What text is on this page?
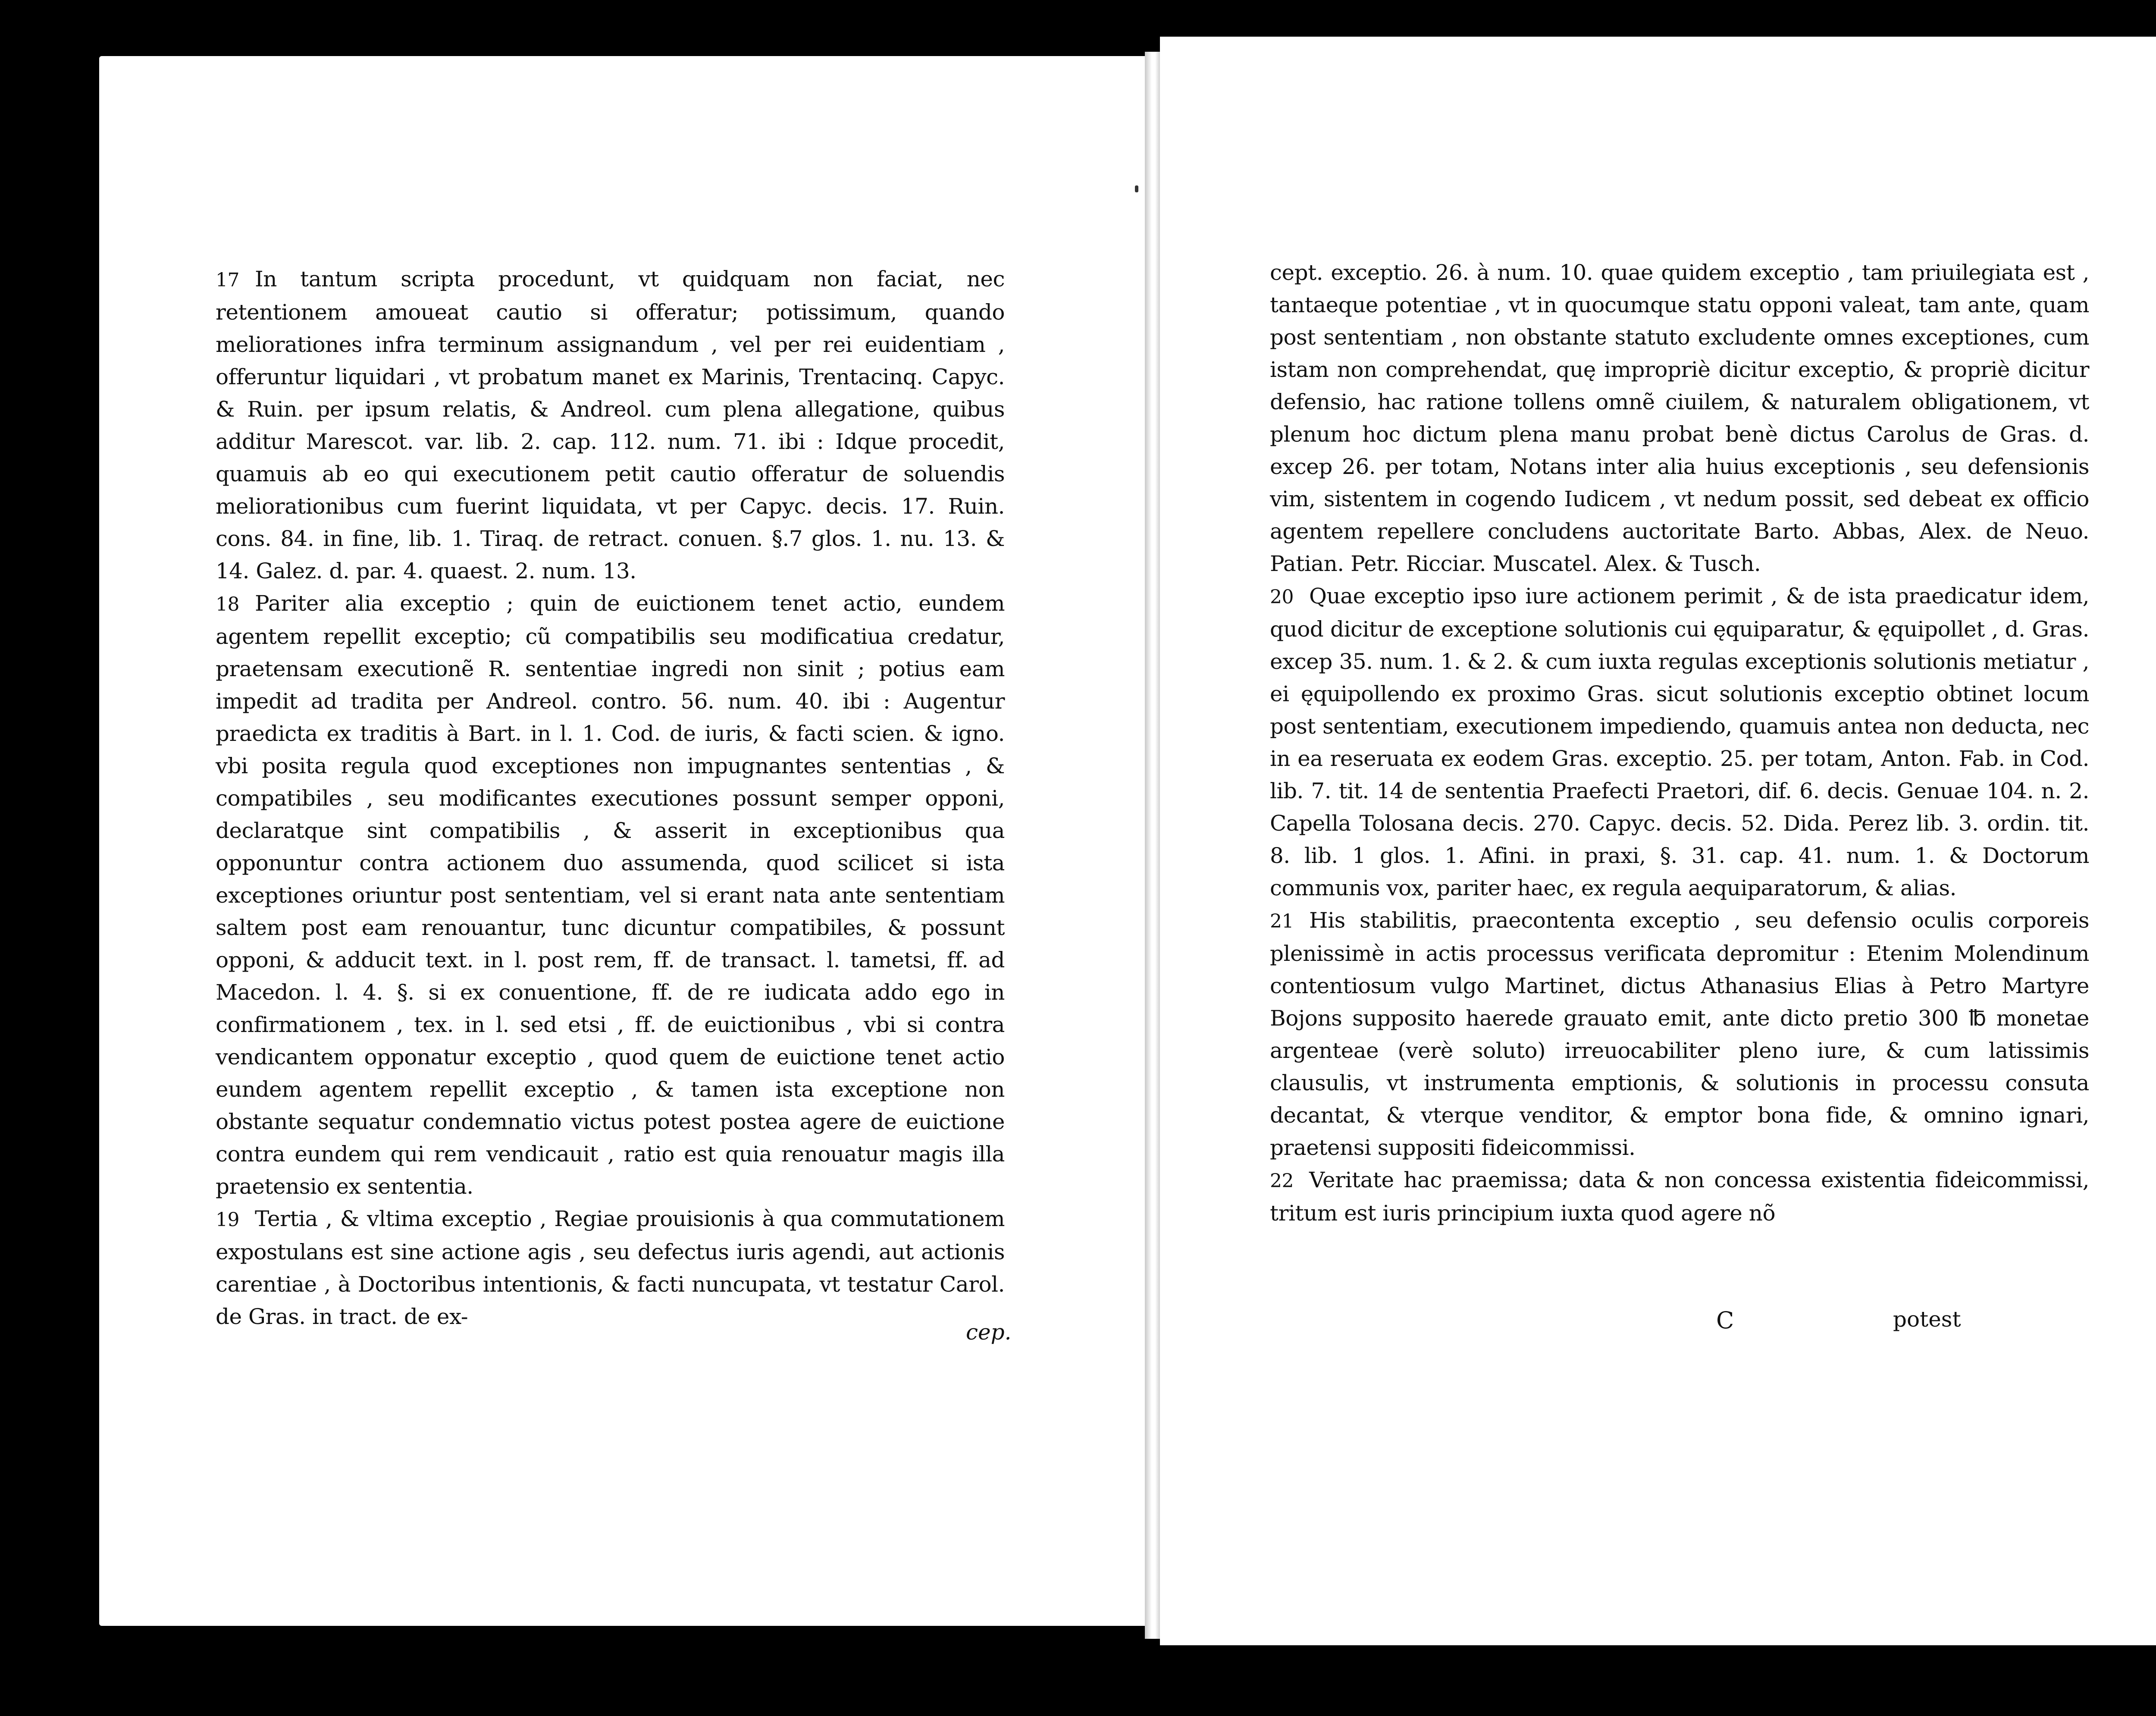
17 In tantum scripta procedunt, vt quidquam non faciat, nec retentionem amoueat cautio si offeratur; potissimum, quando meliorationes infra terminum assignandum , vel per rei euidentiam , offeruntur liquidari , vt probatum manet ex Marinis, Trentacinq. Capyc. & Ruin. per ipsum relatis, & Andreol. cum plena allegatione, quibus additur Marescot. var. lib. 2. cap. 112. num. 71. ibi : Idque procedit, quamuis ab eo qui executionem petit cautio offeratur de soluendis meliorationibus cum fuerint liquidata, vt per Capyc. decis. 17. Ruin. cons. 84. in fine, lib. 1. Tiraq. de retract. conuen. §.7 glos. 1. nu. 13. & 14. Galez. d. par. 4. quaest. 2. num. 13.

18 Pariter alia exceptio ; quin de euictionem tenet actio, eundem agentem repellit exceptio; cũ compatibilis seu modificatiua credatur, praetensam executionẽ R. sententiae ingredi non sinit ; potius eam impedit ad tradita per Andreol. contro. 56. num. 40. ibi : Augentur praedicta ex traditis à Bart. in l. 1. Cod. de iuris, & facti scien. & igno. vbi posita regula quod exceptiones non impugnantes sententias , & compatibiles , seu modificantes executiones possunt semper opponi, declaratque sint compatibilis , & asserit in exceptionibus qua opponuntur contra actionem duo assumenda, quod scilicet si ista exceptiones oriuntur post sententiam, vel si erant nata ante sententiam saltem post eam renouantur, tunc dicuntur compatibiles, & possunt opponi, & adducit text. in l. post rem, ff. de transact. l. tametsi, ff. ad Macedon. l. 4. §. si ex conuentione, ff. de re iudicata addo ego in confirmationem , tex. in l. sed etsi , ff. de euictionibus , vbi si contra vendicantem opponatur exceptio , quod quem de euictione tenet actio eundem agentem repellit exceptio , & tamen ista exceptione non obstante sequatur condemnatio victus potest postea agere de euictione contra eundem qui rem vendicauit , ratio est quia renouatur magis illa praetensio ex sententia.

19 Tertia , & vltima exceptio , Regiae prouisionis à qua commutationem expostulans est sine actione agis , seu defectus iuris agendi, aut actionis carentiae , à Doctoribus intentionis, & facti nuncupata, vt testatur Carol. de Gras. in tract. de ex-

cep.

cept. exceptio. 26. à num. 10. quae quidem exceptio , tam priuilegiata est , tantaeque potentiae , vt in quocumque statu opponi valeat, tam ante, quam post sententiam , non obstante statuto excludente omnes exceptiones, cum istam non comprehendat, quę impropriè dicitur exceptio, & propriè dicitur defensio, hac ratione tollens omnẽ ciuilem, & naturalem obligationem, vt plenum hoc dictum plena manu probat benè dictus Carolus de Gras. d. excep 26. per totam, Notans inter alia huius exceptionis , seu defensionis vim, sistentem in cogendo Iudicem , vt nedum possit, sed debeat ex officio agentem repellere concludens auctoritate Barto. Abbas, Alex. de Neuo. Patian. Petr. Ricciar. Muscatel. Alex. & Tusch.

20 Quae exceptio ipso iure actionem perimit , & de ista praedicatur idem, quod dicitur de exceptione solutionis cui ęquiparatur, & ęquipollet , d. Gras. excep 35. num. 1. & 2. & cum iuxta regulas exceptionis solutionis metiatur , ei ęquipollendo ex proximo Gras. sicut solutionis exceptio obtinet locum post sententiam, executionem impediendo, quamuis antea non deducta, nec in ea reseruata ex eodem Gras. exceptio. 25. per totam, Anton. Fab. in Cod. lib. 7. tit. 14 de sententia Praefecti Praetori, dif. 6. decis. Genuae 104. n. 2. Capella Tolosana decis. 270. Capyc. decis. 52. Dida. Perez lib. 3. ordin. tit. 8. lib. 1 glos. 1. Afini. in praxi, §. 31. cap. 41. num. 1. & Doctorum communis vox, pariter haec, ex regula aequiparatorum, & alias.

21 His stabilitis, praecontenta exceptio , seu defensio oculis corporeis plenissimè in actis processus verificata depromitur : Etenim Molendinum contentiosum vulgo Martinet, dictus Athanasius Elias à Petro Martyre Bojons supposito haerede grauato emit, ante dicto pretio 300 ℔ monetae argenteae (verè soluto) irreuocabiliter pleno iure, & cum latissimis clausulis, vt instrumenta emptionis, & solutionis in processu consuta decantat, & vterque venditor, & emptor bona fide, & omnino ignari, praetensi suppositi fideicommissi.

22 Veritate hac praemissa; data & non concessa existentia fideicommissi, tritum est iuris principium iuxta quod agere nõ

C	potest
